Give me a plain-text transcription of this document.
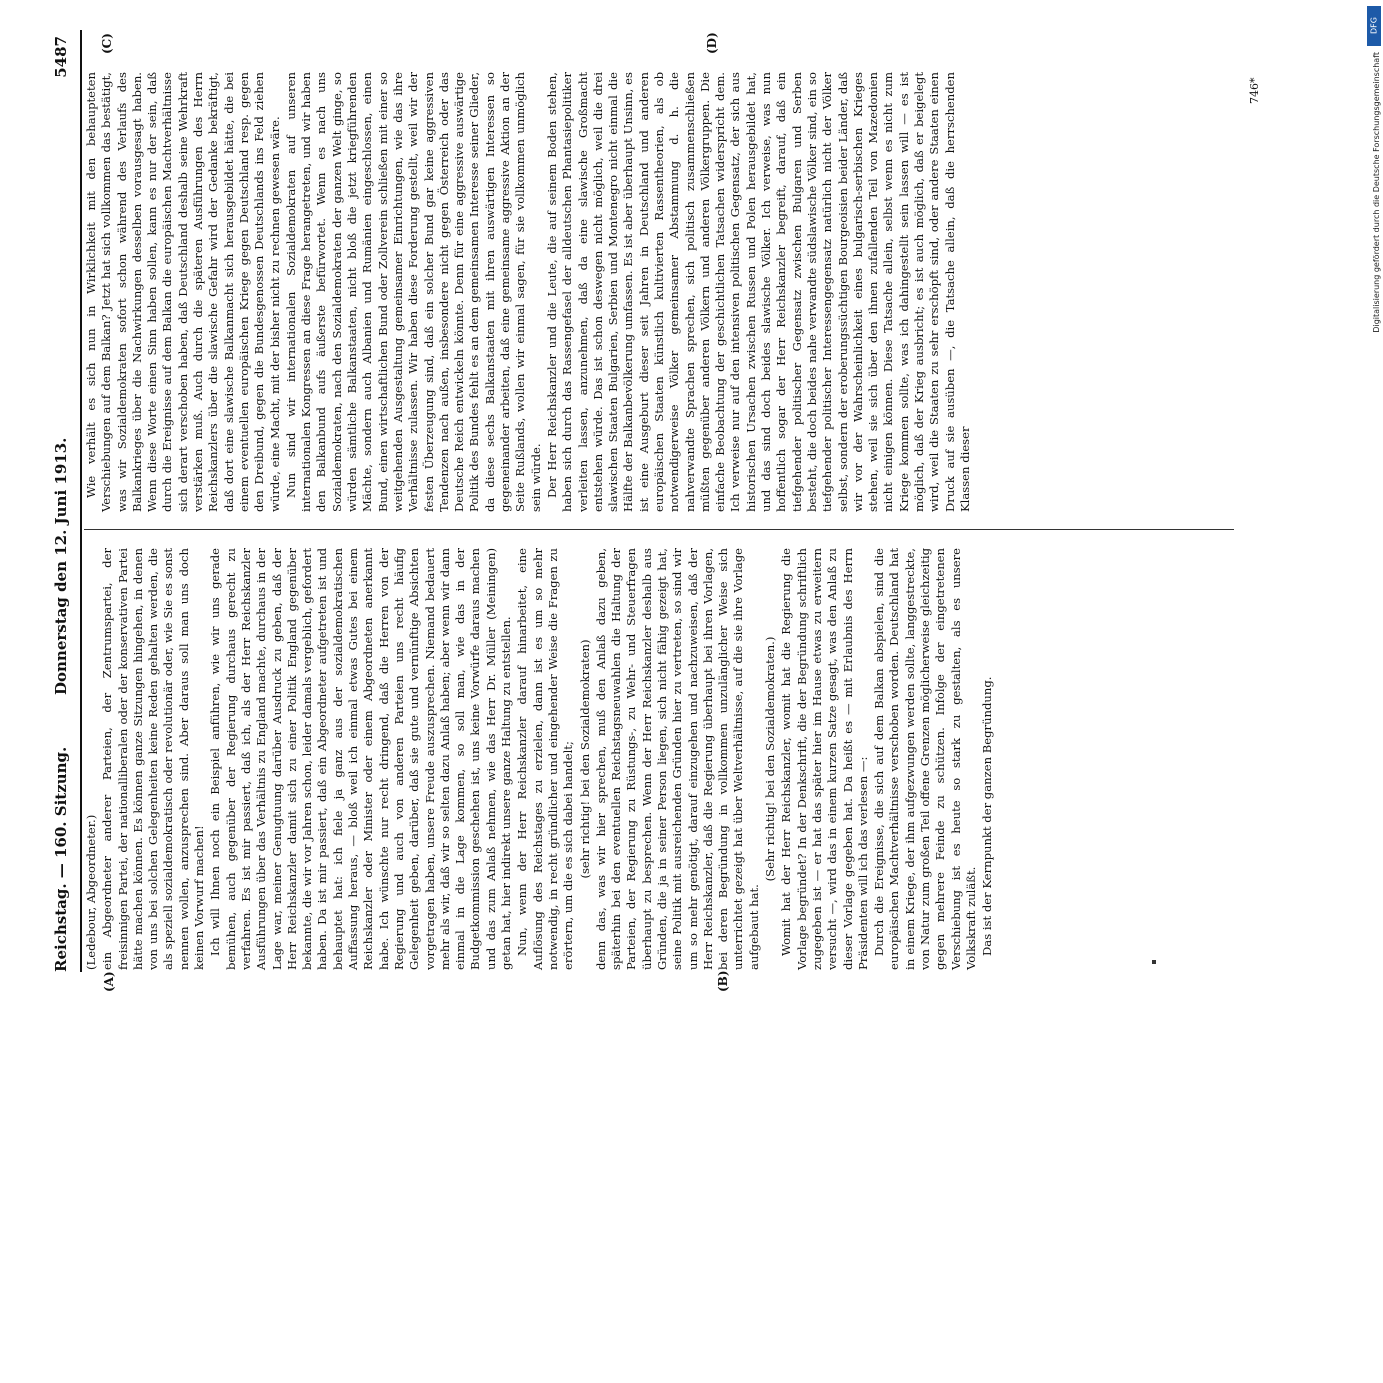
Reichstag. — 160. Sitzung.
Donnerstag den 12. Juni 1913.
5487
(A)	(B)
(C)	(D)

(Ledebour, Abgeordneter.) ein Abgeordneter anderer Parteien, der Zentrumspartei, der freisinnigen Partei, der nationalliberalen oder der konservativen Partei hätte machen können. Es können ganze Sitzungen hingehen, in denen von uns bei solchen Gelegenheiten keine Reden gehalten werden, die als speziell sozialdemokratisch oder revolutionär oder, wie Sie es sonst nennen wollen, anzusprechen sind. Aber daraus soll man uns doch keinen Vorwurf machen! Ich will Ihnen noch ein Beispiel anführen, wie wir uns gerade bemühen, auch gegenüber der Regierung durchaus gerecht zu verfahren. Es ist mir passiert, daß ich, als der Herr Reichskanzler Ausführungen über das Verhältnis zu England machte, durchaus in der Lage war, meiner Genugtuung darüber Ausdruck zu geben, daß der Herr Reichskanzler damit sich zu einer Politik England gegenüber bekannte, die wir vor Jahren schon, leider damals vergeblich, gefordert haben. Da ist mir passiert, daß ein Abgeordneter aufgetreten ist und behauptet hat: ich fiele ja ganz aus der sozialdemokratischen Auffassung heraus, — bloß weil ich einmal etwas Gutes bei einem Reichskanzler oder Minister oder einem Abgeordneten anerkannt habe. Ich wünschte nur recht dringend, daß die Herren von der Regierung und auch von anderen Parteien uns recht häufig Gelegenheit geben, darüber, daß sie gute und vernünftige Absichten vorgetragen haben, unsere Freude auszusprechen. Niemand bedauert mehr als wir, daß wir so selten dazu Anlaß haben; aber wenn wir dann einmal in die Lage kommen, so soll man, wie das in der Budgetkommission geschehen ist, uns keine Vorwürfe daraus machen und das zum Anlaß nehmen, wie das Herr Dr. Müller (Meiningen) getan hat, hier indirekt unsere ganze Haltung zu entstellen. Nun, wenn der Herr Reichskanzler darauf hinarbeitet, eine Auflösung des Reichstages zu erzielen, dann ist es um so mehr notwendig, in recht gründlicher und eingehender Weise die Fragen zu erörtern, um die es sich dabei handelt; (sehr richtig! bei den Sozialdemokraten) denn das, was wir hier sprechen, muß den Anlaß dazu geben, späterhin bei den eventuellen Reichstagsneuwahlen die Haltung der Parteien, der Regierung zu Rüstungs-, zu Wehr- und Steuerfragen überhaupt zu besprechen. Wenn der Herr Reichskanzler deshalb aus Gründen, die ja in seiner Person liegen, sich nicht fähig gezeigt hat, seine Politik mit ausreichenden Gründen hier zu vertreten, so sind wir um so mehr genötigt, darauf einzugehen und nachzuweisen, daß der Herr Reichskanzler, daß die Regierung überhaupt bei ihren Vorlagen, bei deren Begründung in vollkommen unzulänglicher Weise sich unterrichtet gezeigt hat über Weltverhältnisse, auf die sie ihre Vorlage aufgebaut hat.

(Sehr richtig! bei den Sozialdemokraten.) Womit hat der Herr Reichskanzler, womit hat die Regierung die Vorlage begründet? In der Denkschrift, die der Begründung schriftlich zugegeben ist — er hat das später hier im Hause etwas zu erweitern versucht —, wird das in einem kurzen Satze gesagt, was den Anlaß zu dieser Vorlage gegeben hat. Da heißt es — mit Erlaubnis des Herrn Präsidenten will ich das verlesen —: Durch die Ereignisse, die sich auf dem Balkan abspielen, sind die europäischen Machtverhältnisse verschoben worden. Deutschland hat in einem Kriege, der ihm aufgezwungen werden sollte, langgestreckte, von Natur zum großen Teil offene Grenzen möglicherweise gleichzeitig gegen mehrere Feinde zu schützen. Infolge der eingetretenen Verschiebung ist es heute so stark zu gestalten, als es unsere Volkskraft zuläßt. Das ist der Kernpunkt der ganzen Begründung.

Wie verhält es sich nun in Wirklichkeit mit den behaupteten Verschiebungen auf dem Balkan? Jetzt hat sich vollkommen das bestätigt, was wir Sozialdemokraten sofort schon während des Verlaufs des Balkankrieges über die Nachwirkungen desselben vorausgesagt haben. Wenn diese Worte einen Sinn haben sollen, kann es nur der sein, daß durch die Ereignisse auf dem Balkan die europäischen Machtverhältnisse sich derart verschoben haben, daß Deutschland deshalb seine Wehrkraft verstärken muß. Auch durch die späteren Ausführungen des Herrn Reichskanzlers über die slawische Gefahr wird der Gedanke bekräftigt, daß dort eine slawische Balkanmacht sich herausgebildet hätte, die bei einem eventuellen europäischen Kriege gegen Deutschland resp. gegen den Dreibund, gegen die Bundesgenossen Deutschlands ins Feld ziehen würde, eine Macht, mit der bisher nicht zu rechnen gewesen wäre. Nun sind wir internationalen Sozialdemokraten auf unseren internationalen Kongressen an diese Frage herangetreten, und wir haben den Balkanbund aufs äußerste befürwortet. Wenn es nach uns Sozialdemokraten, nach den Sozialdemokraten der ganzen Welt ginge, so würden sämtliche Balkanstaaten, nicht bloß die jetzt kriegführenden Mächte, sondern auch Albanien und Rumänien eingeschlossen, einen Bund, einen wirtschaftlichen Bund oder Zollverein schließen mit einer so weitgehenden Ausgestaltung gemeinsamer Einrichtungen, wie das ihre Verhältnisse zulassen. Wir haben diese Forderung gestellt, weil wir der festen Überzeugung sind, daß ein solcher Bund gar keine aggressiven Tendenzen nach außen, insbesondere nicht gegen Österreich oder das Deutsche Reich entwickeln könnte. Denn für eine aggressive auswärtige Politik des Bundes fehlt es an dem gemeinsamen Interesse seiner Glieder, da diese sechs Balkanstaaten mit ihren auswärtigen Interessen so gegeneinander arbeiten, daß eine gemeinsame aggressive Aktion an der Seite Rußlands, wollen wir einmal sagen, für sie vollkommen unmöglich sein würde. Der Herr Reichskanzler und die Leute, die auf seinem Boden stehen, haben sich durch das Rassengefasel der alldeutschen Phantasiepolitiker verleiten lassen, anzunehmen, daß da eine slawische Großmacht entstehen würde. Das ist schon deswegen nicht möglich, weil die drei slawischen Staaten Bulgarien, Serbien und Montenegro nicht einmal die Hälfte der Balkanbevölkerung umfassen. Es ist aber überhaupt Unsinn, es ist eine Ausgeburt dieser seit Jahren in Deutschland und anderen europäischen Staaten künstlich kultivierten Rassentheorien, als ob notwendigerweise Völker gemeinsamer Abstammung d. h. die nahverwandte Sprachen sprechen, sich politisch zusammenschließen müßten gegenüber anderen Völkern und anderen Völkergruppen. Die einfache Beobachtung der geschichtlichen Tatsachen widerspricht dem. Ich verweise nur auf den intensiven politischen Gegensatz, der sich aus historischen Ursachen zwischen Russen und Polen herausgebildet hat, und das sind doch beides slawische Völker. Ich verweise, was nun hoffentlich sogar der Herr Reichskanzler begreift, darauf, daß ein tiefgehender politischer Gegensatz zwischen Bulgaren und Serben besteht, die doch beides nahe verwandte südslawische Völker sind, ein so tiefgehender politischer Interessengegensatz natürlich nicht der Völker selbst, sondern der eroberungssüchtigen Bourgeoisien beider Länder, daß wir vor der Wahrscheinlichkeit eines bulgarisch-serbischen Krieges stehen, weil sie sich über den ihnen zufallenden Teil von Mazedonien nicht einigen können. Diese Tatsache allein, selbst wenn es nicht zum Kriege kommen sollte, was ich dahingestellt sein lassen will — es ist möglich, daß der Krieg ausbricht; es ist auch möglich, daß er beigelegt wird, weil die Staaten zu sehr erschöpft sind, oder andere Staaten einen Druck auf sie ausüben —, die Tatsache allein, daß die herrschenden Klassen dieser

746*
DFG
Digitalisierung gefördert durch die Deutsche Forschungsgemeinschaft
